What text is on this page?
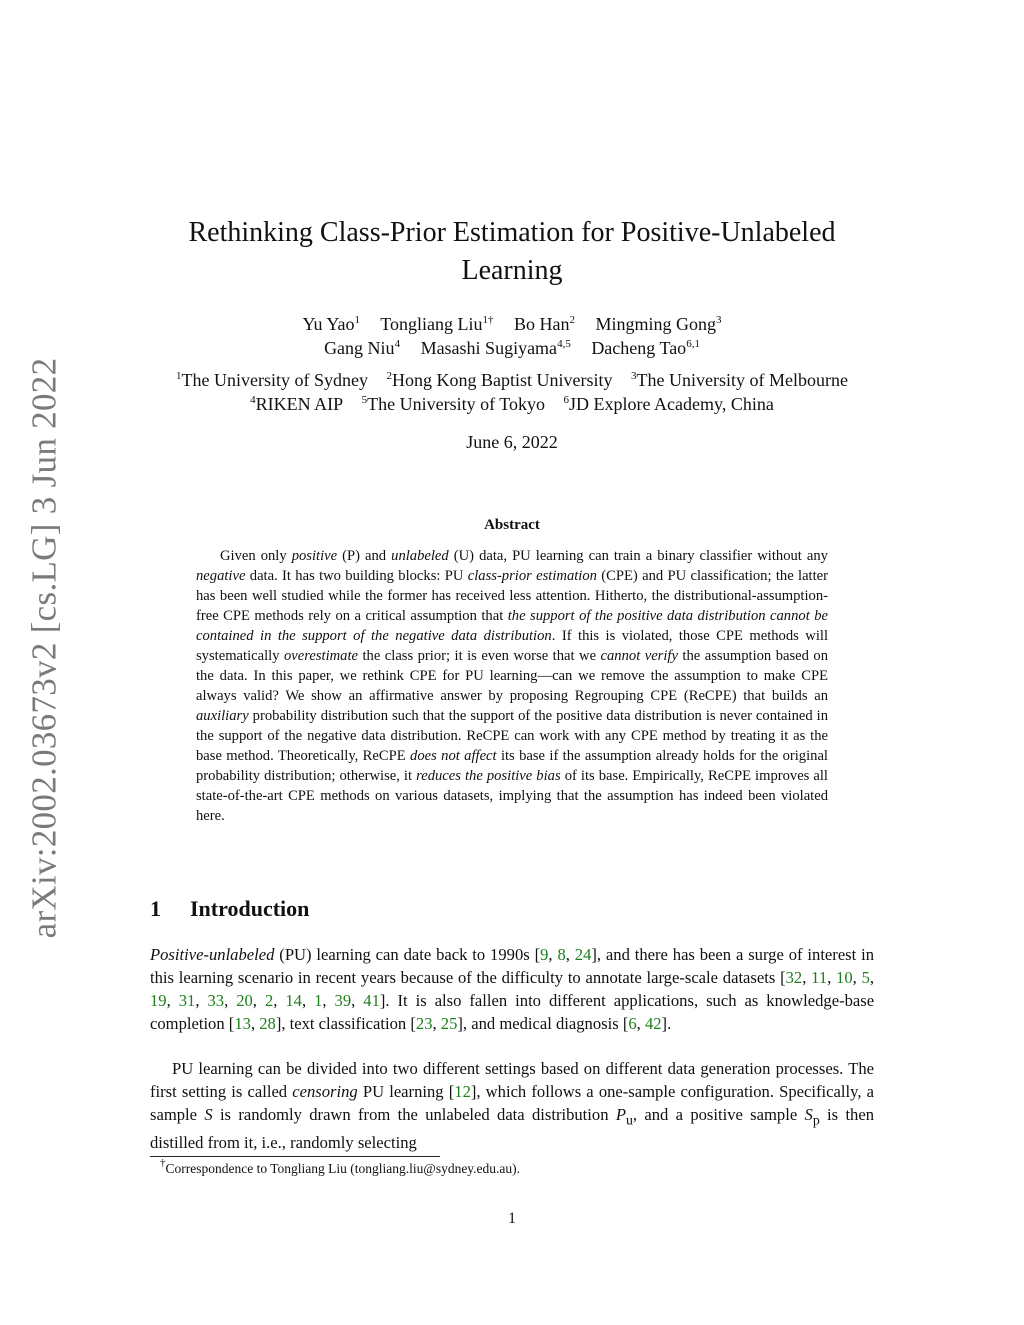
arXiv:2002.03673v2 [cs.LG] 3 Jun 2022
Rethinking Class-Prior Estimation for Positive-Unlabeled Learning
Yu Yao$^1$ Tongliang Liu$^{1\dagger}$ Bo Han$^2$ Mingming Gong$^3$
Gang Niu$^4$ Masashi Sugiyama$^{4,5}$ Dacheng Tao$^{6,1}$
$^1$The University of Sydney $^2$Hong Kong Baptist University $^3$The University of Melbourne
$^4$RIKEN AIP $^5$The University of Tokyo $^6$JD Explore Academy, China
June 6, 2022
Abstract

Given only positive (P) and unlabeled (U) data, PU learning can train a binary classifier without any negative data. It has two building blocks: PU class-prior estimation (CPE) and PU classification; the latter has been well studied while the former has received less attention. Hitherto, the distributional-assumption-free CPE methods rely on a critical assumption that the support of the positive data distribution cannot be contained in the support of the negative data distribution. If this is violated, those CPE methods will systematically overestimate the class prior; it is even worse that we cannot verify the assumption based on the data. In this paper, we rethink CPE for PU learning—can we remove the assumption to make CPE always valid? We show an affirmative answer by proposing Regrouping CPE (ReCPE) that builds an auxiliary probability distribution such that the support of the positive data distribution is never contained in the support of the negative data distribution. ReCPE can work with any CPE method by treating it as the base method. Theoretically, ReCPE does not affect its base if the assumption already holds for the original probability distribution; otherwise, it reduces the positive bias of its base. Empirically, ReCPE improves all state-of-the-art CPE methods on various datasets, implying that the assumption has indeed been violated here.

1 Introduction

Positive-unlabeled (PU) learning can date back to 1990s [9, 8, 24], and there has been a surge of interest in this learning scenario in recent years because of the difficulty to annotate large-scale datasets [32, 11, 10, 5, 19, 31, 33, 20, 2, 14, 1, 39, 41]. It is also fallen into different applications, such as knowledge-base completion [13, 28], text classification [23, 25], and medical diagnosis [6, 42].

PU learning can be divided into two different settings based on different data generation processes. The first setting is called censoring PU learning [12], which follows a one-sample configuration. Specifically, a sample S is randomly drawn from the unlabeled data distribution $P_u$, and a positive sample $S_p$ is then distilled from it, i.e., randomly selecting

†Correspondence to Tongliang Liu (tongliang.liu@sydney.edu.au).
1
